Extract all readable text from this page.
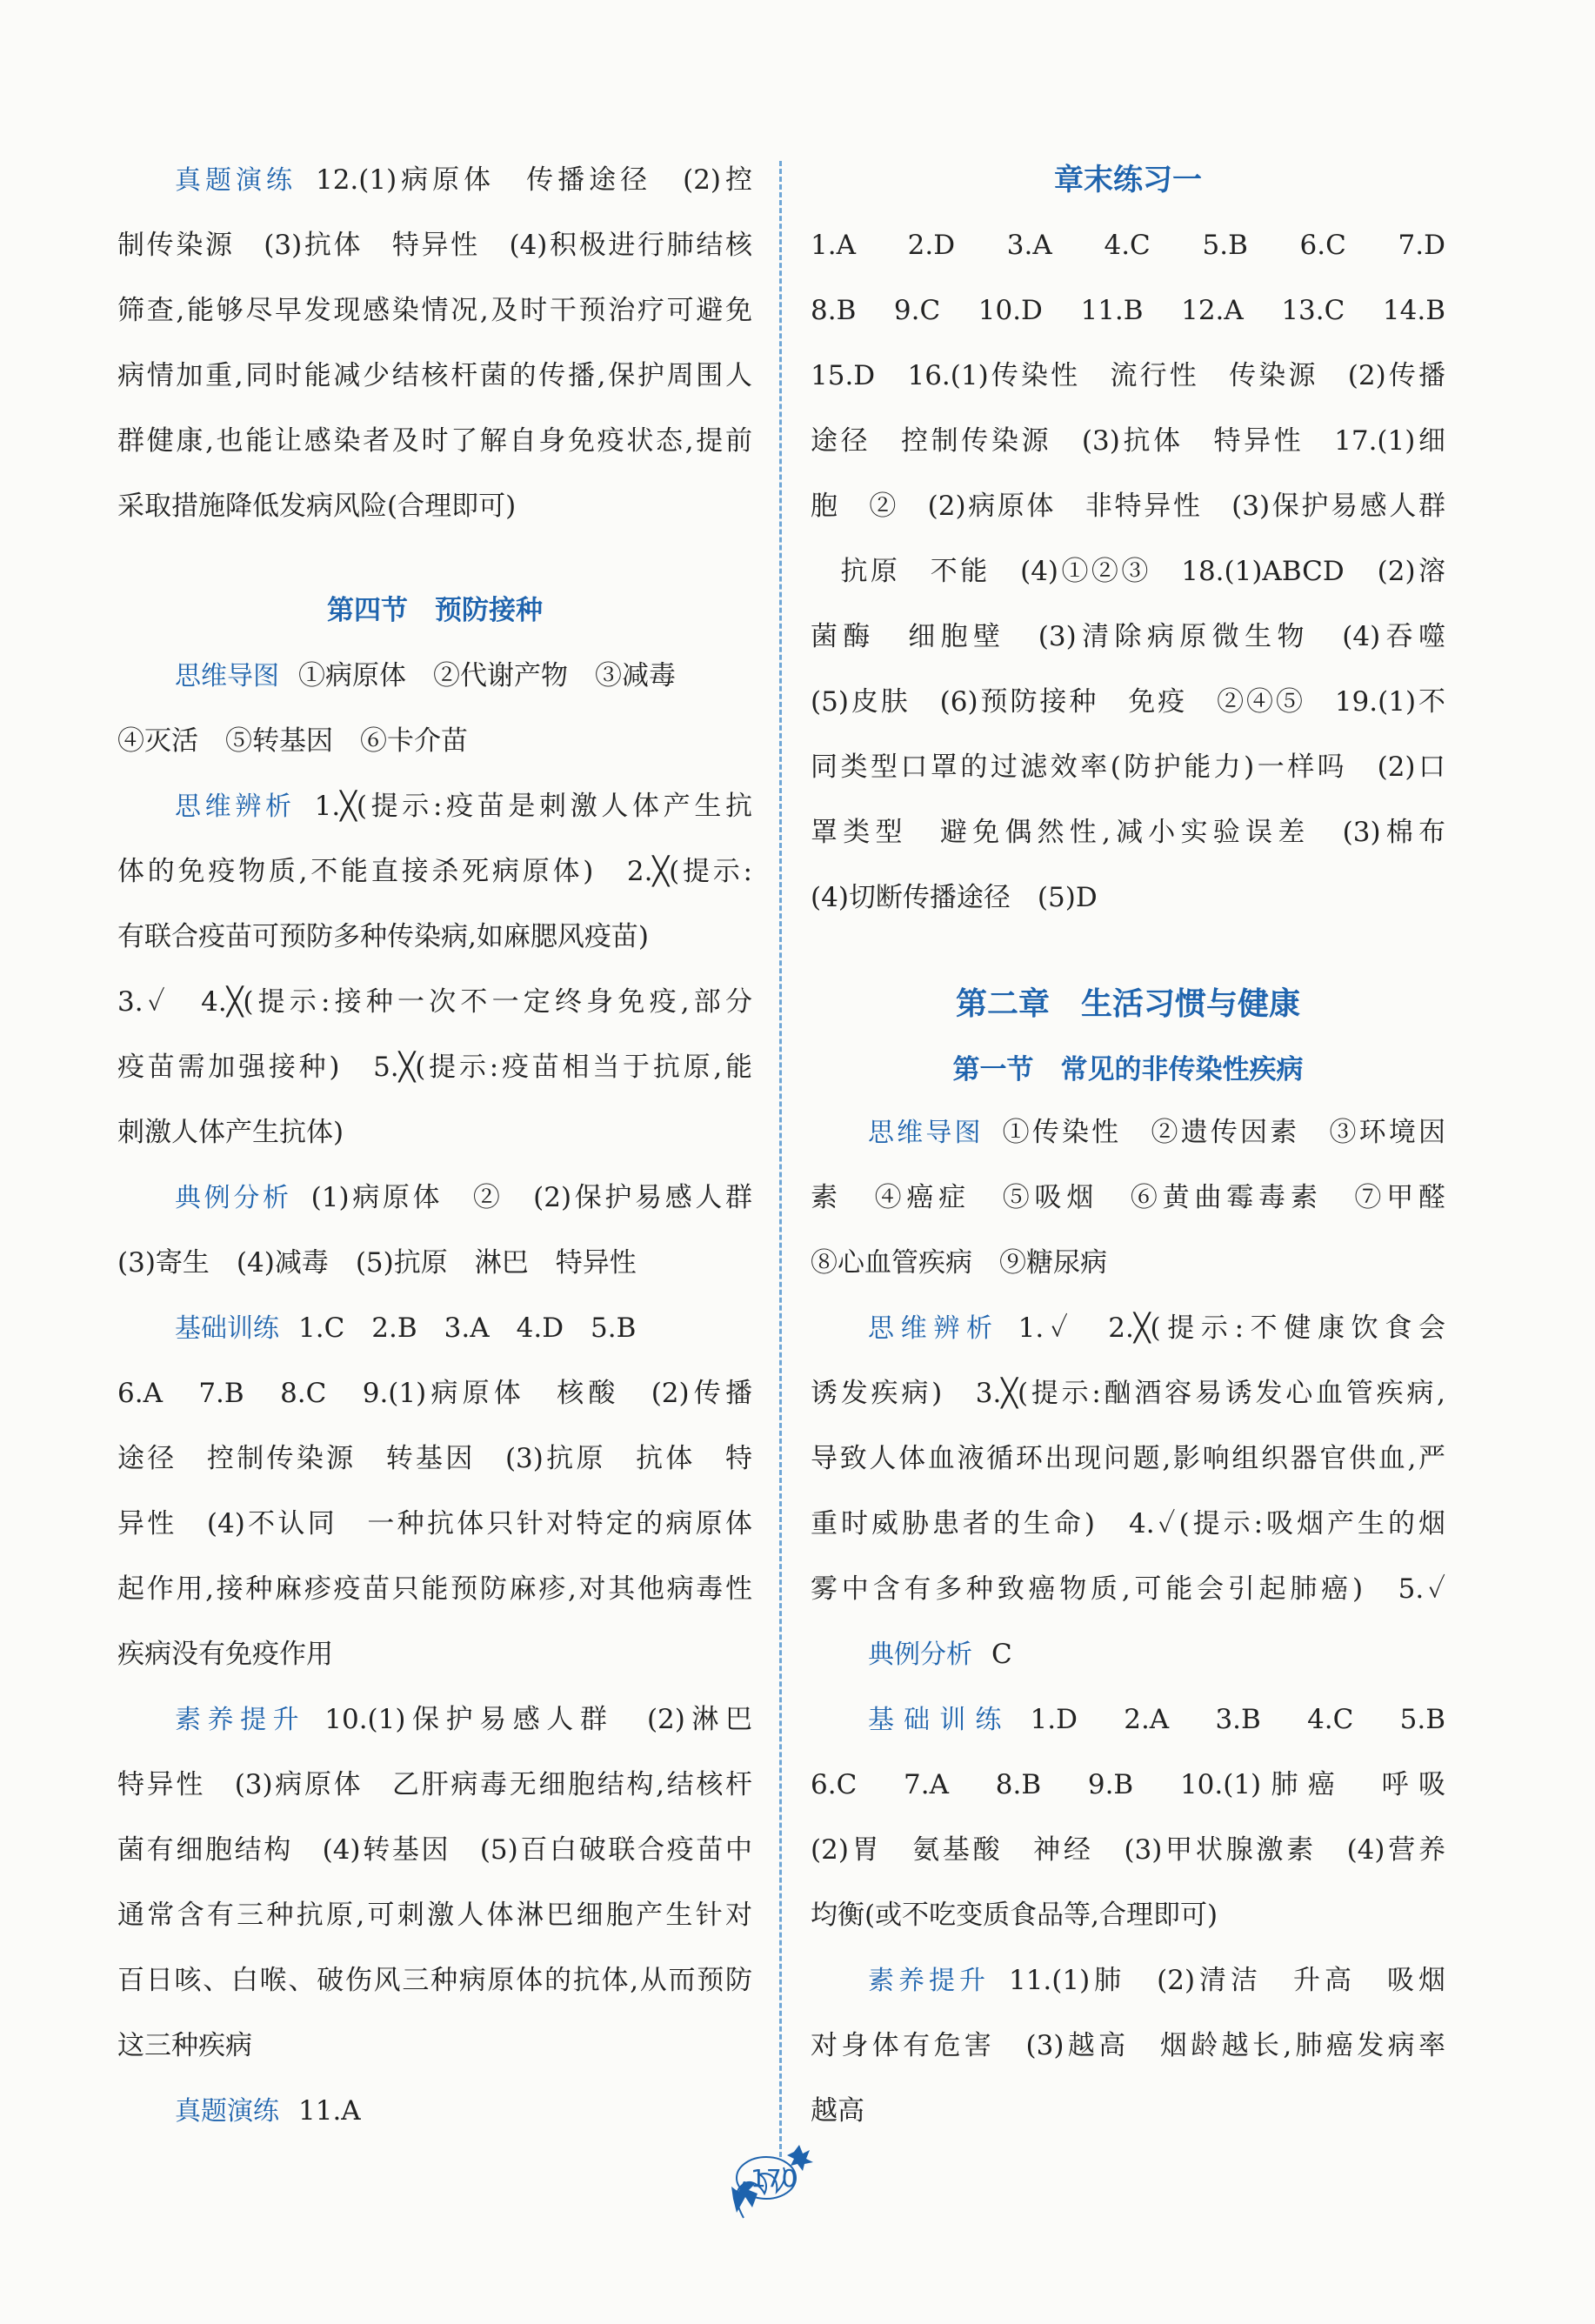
真题演练 12.(1)病原体　传播途径　(2)控
制传染源　(3)抗体　特异性　(4)积极进行肺结核
筛查,能够尽早发现感染情况,及时干预治疗可避免
病情加重,同时能减少结核杆菌的传播,保护周围人
群健康,也能让感染者及时了解自身免疫状态,提前
采取措施降低发病风险(合理即可)
第四节　预防接种
思维导图 ①病原体　②代谢产物　③减毒
④灭活　⑤转基因　⑥卡介苗
思维辨析 1.╳(提示:疫苗是刺激人体产生抗
体的免疫物质,不能直接杀死病原体)　2.╳(提示:
有联合疫苗可预防多种传染病,如麻腮风疫苗)
3.✓　4.╳(提示:接种一次不一定终身免疫,部分
疫苗需加强接种)　5.╳(提示:疫苗相当于抗原,能
刺激人体产生抗体)
典例分析 (1)病原体　②　(2)保护易感人群
(3)寄生　(4)减毒　(5)抗原　淋巴　特异性
基础训练 1.C　2.B　3.A　4.D　5.B
6.A　7.B　8.C　9.(1)病原体　核酸　(2)传播
途径　控制传染源　转基因　(3)抗原　抗体　特
异性　(4)不认同　一种抗体只针对特定的病原体
起作用,接种麻疹疫苗只能预防麻疹,对其他病毒性
疾病没有免疫作用
素养提升 10.(1)保护易感人群　(2)淋巴
特异性　(3)病原体　乙肝病毒无细胞结构,结核杆
菌有细胞结构　(4)转基因　(5)百白破联合疫苗中
通常含有三种抗原,可刺激人体淋巴细胞产生针对
百日咳、白喉、破伤风三种病原体的抗体,从而预防
这三种疾病
真题演练 11.A
章末练习一
1.A　2.D　3.A　4.C　5.B　6.C　7.D
8.B　9.C　10.D　11.B　12.A　13.C　14.B
15.D　16.(1)传染性　流行性　传染源　(2)传播
途径　控制传染源　(3)抗体　特异性　17.(1)细
胞　②　(2)病原体　非特异性　(3)保护易感人群
　抗原　不能　(4)①②③　18.(1)ABCD　(2)溶
菌酶　细胞壁　(3)清除病原微生物　(4)吞噬
(5)皮肤　(6)预防接种　免疫　②④⑤　19.(1)不
同类型口罩的过滤效率(防护能力)一样吗　(2)口
罩类型　避免偶然性,减小实验误差　(3)棉布
(4)切断传播途径　(5)D
第二章　生活习惯与健康
第一节　常见的非传染性疾病
思维导图 ①传染性　②遗传因素　③环境因
素　④癌症　⑤吸烟　⑥黄曲霉毒素　⑦甲醛
⑧心血管疾病　⑨糖尿病
思维辨析 1.✓　2.╳(提示:不健康饮食会
诱发疾病)　3.╳(提示:酗酒容易诱发心血管疾病,
导致人体血液循环出现问题,影响组织器官供血,严
重时威胁患者的生命)　4.✓(提示:吸烟产生的烟
雾中含有多种致癌物质,可能会引起肺癌)　5.✓
典例分析 C
基础训练 1.D　2.A　3.B　4.C　5.B
6.C　7.A　8.B　9.B　10.(1)肺癌　呼吸
(2)胃　氨基酸　神经　(3)甲状腺激素　(4)营养
均衡(或不吃变质食品等,合理即可)
素养提升 11.(1)肺　(2)清洁　升高　吸烟
对身体有危害　(3)越高　烟龄越长,肺癌发病率
越高
170
